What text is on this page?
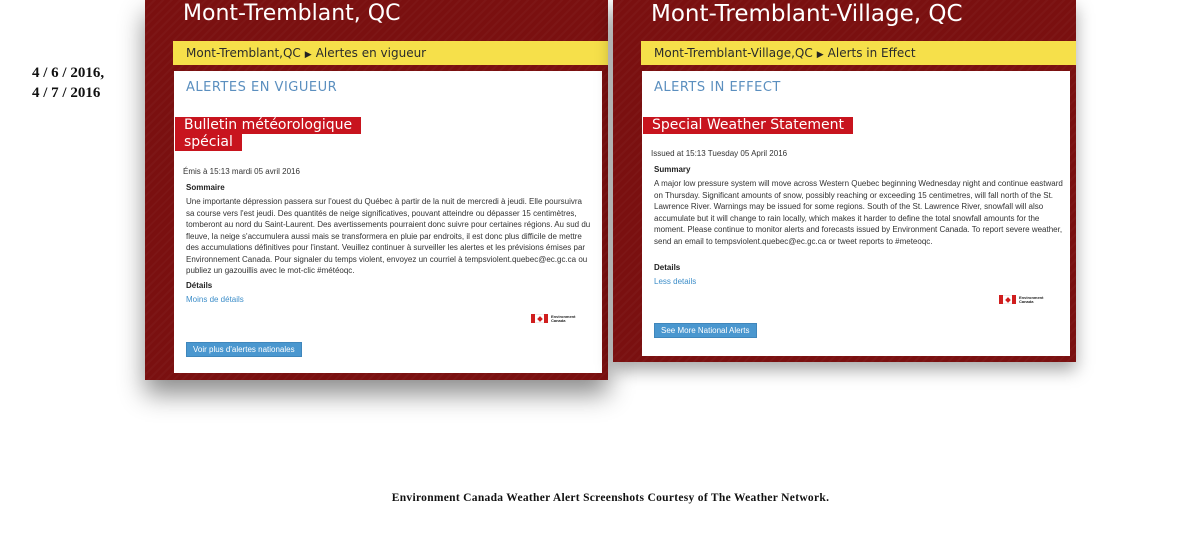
4 / 6 / 2016,
4 / 7 / 2016
Mont-Tremblant, QC
Mont-Tremblant,QC ▶ Alertes en vigueur
ALERTES EN VIGUEUR
Bulletin météorologique
spécial
Émis à 15:13 mardi 05 avril 2016
Sommaire
Une importante dépression passera sur l'ouest du Québec à partir de la nuit de mercredi à jeudi. Elle poursuivra sa course vers l'est jeudi. Des quantités de neige significatives, pouvant atteindre ou dépasser 15 centimètres, tomberont au nord du Saint-Laurent. Des avertissements pourraient donc suivre pour certaines régions. Au sud du fleuve, la neige s'accumulera aussi mais se transformera en pluie par endroits, il est donc plus difficile de mettre des accumulations définitives pour l'instant. Veuillez continuer à surveiller les alertes et les prévisions émises par Environnement Canada. Pour signaler du temps violent, envoyez un courriel à tempsviolent.quebec@ec.gc.ca ou publiez un gazouillis avec le mot-clic #météoqc.
Détails
Moins de détails
Environment
Canada
Voir plus d'alertes nationales
Mont-Tremblant-Village, QC
Mont-Tremblant-Village,QC ▶ Alerts in Effect
ALERTS IN EFFECT
Special Weather Statement
Issued at 15:13 Tuesday 05 April 2016
Summary
A major low pressure system will move across Western Quebec beginning Wednesday night and continue eastward on Thursday. Significant amounts of snow, possibly reaching or exceeding 15 centimetres, will fall north of the St. Lawrence River. Warnings may be issued for some regions. South of the St. Lawrence River, snowfall will also accumulate but it will change to rain locally, which makes it harder to define the total snowfall amounts for the moment. Please continue to monitor alerts and forecasts issued by Environment Canada. To report severe weather, send an email to tempsviolent.quebec@ec.gc.ca or tweet reports to #meteoqc.
Details
Less details
Environment
Canada
See More National Alerts
Environment Canada Weather Alert Screenshots Courtesy of The Weather Network.
